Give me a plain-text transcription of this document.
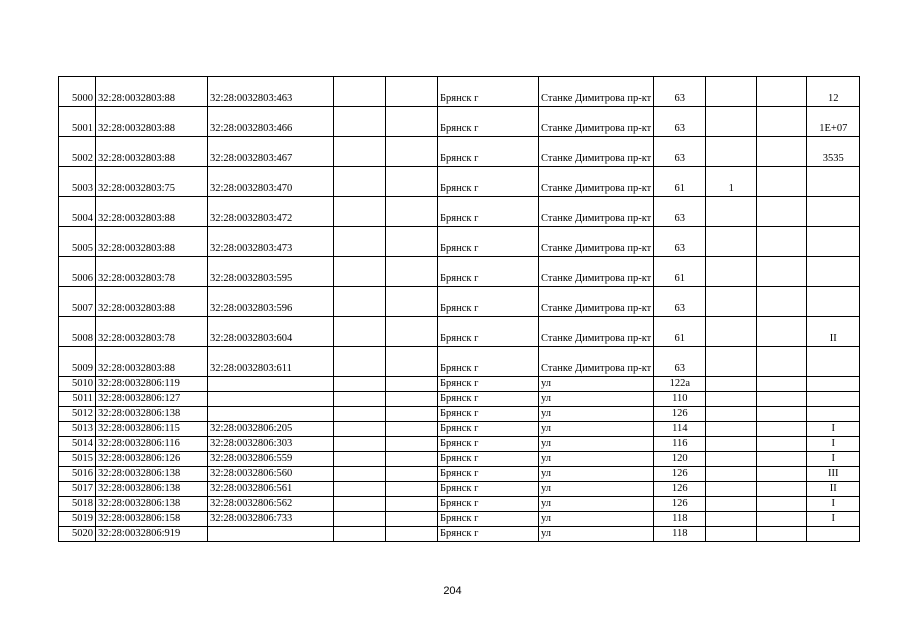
5000	32:28:0032803:88	32:28:0032803:463			Брянск г	Станке Димитрова пр-кт	63			12
5001	32:28:0032803:88	32:28:0032803:466			Брянск г	Станке Димитрова пр-кт	63			1E+07
5002	32:28:0032803:88	32:28:0032803:467			Брянск г	Станке Димитрова пр-кт	63			3535
5003	32:28:0032803:75	32:28:0032803:470			Брянск г	Станке Димитрова пр-кт	61	1		
5004	32:28:0032803:88	32:28:0032803:472			Брянск г	Станке Димитрова пр-кт	63			
5005	32:28:0032803:88	32:28:0032803:473			Брянск г	Станке Димитрова пр-кт	63			
5006	32:28:0032803:78	32:28:0032803:595			Брянск г	Станке Димитрова пр-кт	61			
5007	32:28:0032803:88	32:28:0032803:596			Брянск г	Станке Димитрова пр-кт	63			
5008	32:28:0032803:78	32:28:0032803:604			Брянск г	Станке Димитрова пр-кт	61			II
5009	32:28:0032803:88	32:28:0032803:611			Брянск г	Станке Димитрова пр-кт	63			
5010	32:28:0032806:119				Брянск г	ул	122а			
5011	32:28:0032806:127				Брянск г	ул	110			
5012	32:28:0032806:138				Брянск г	ул	126			
5013	32:28:0032806:115	32:28:0032806:205			Брянск г	ул	114			I
5014	32:28:0032806:116	32:28:0032806:303			Брянск г	ул	116			I
5015	32:28:0032806:126	32:28:0032806:559			Брянск г	ул	120			I
5016	32:28:0032806:138	32:28:0032806:560			Брянск г	ул	126			III
5017	32:28:0032806:138	32:28:0032806:561			Брянск г	ул	126			II
5018	32:28:0032806:138	32:28:0032806:562			Брянск г	ул	126			I
5019	32:28:0032806:158	32:28:0032806:733			Брянск г	ул	118			I
5020	32:28:0032806:919				Брянск г	ул	118			
204
